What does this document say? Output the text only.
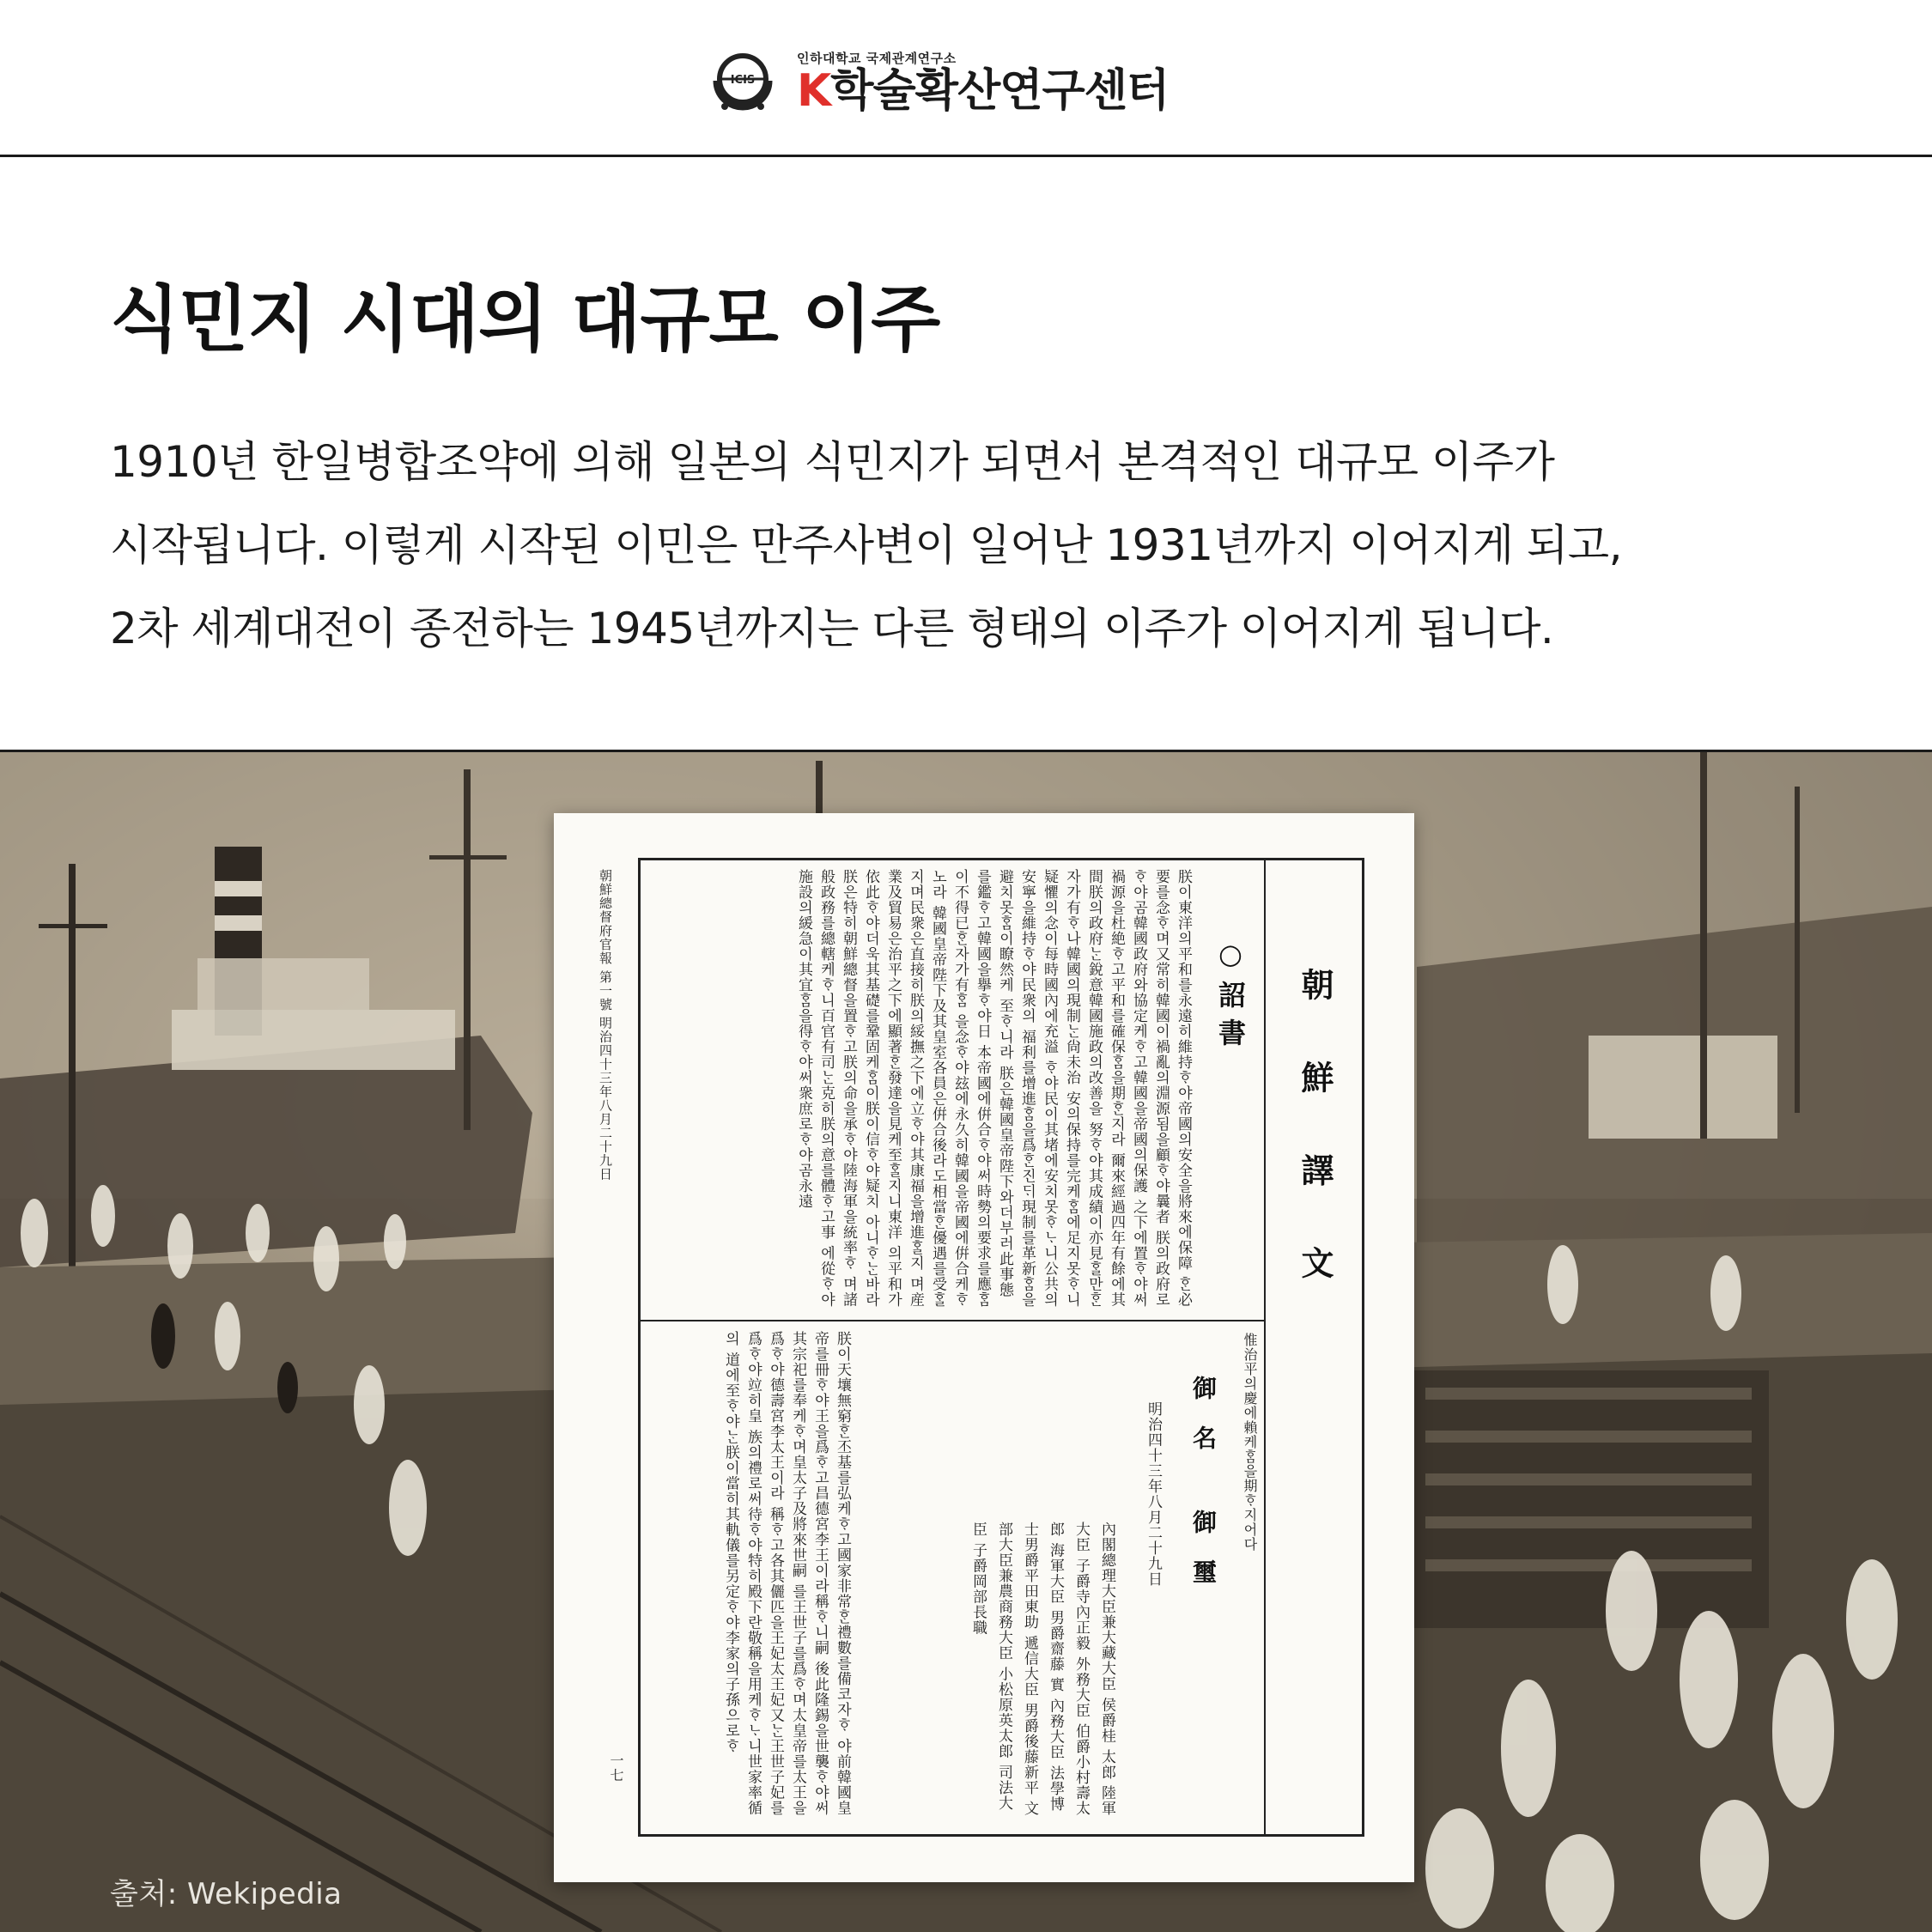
ICIS
인하대학교 국제관계연구소
K학술확산연구센터
식민지 시대의 대규모 이주

1910년 한일병합조약에 의해 일본의 식민지가 되면서 본격적인 대규모 이주가
시작됩니다. 이렇게 시작된 이민은 만주사변이 일어난 1931년까지 이어지게 되고,
2차 세계대전이 종전하는 1945년까지는 다른 형태의 이주가 이어지게 됩니다.

출처: Wekipedia
朝鮮譯文
○詔書
朕이東洋의平和를永遠히維持ᄒᆞ야帝國의安全을將來에保障 ᄒᆞᆫ必要를念ᄒᆞ며又常히韓國이禍亂의淵源됨을顧ᄒᆞ야曩者 朕의政府로ᄒᆞ야곰韓國政府와協定케ᄒᆞ고韓國을帝國의保護 之下에置ᄒᆞ야써禍源을杜絶ᄒᆞ고平和를確保ᄒᆞᆷ을期ᄒᆞᆫ지라 爾來經過四年有餘에其間朕의政府ᄂᆞᆫ銳意韓國施政의改善을 努ᄒᆞ야其成績이亦見ᄒᆞᆯ만ᄒᆞᆫ자가有ᄒᆞ나韓國의現制ᄂᆞᆫ尙未治 安의保持를完케ᄒᆞᆷ에足지못ᄒᆞ니疑懼의念이每時國內에充溢 ᄒᆞ야民이其堵에安치못ᄒᆞᄂᆞ니公共의安寧을維持ᄒᆞ야民衆의 福利를增進ᄒᆞᆷ을爲ᄒᆞᆫ진ᄃᆡ現制를革新ᄒᆞᆷ을避치못ᄒᆞᆷ이瞭然케 至ᄒᆞ니라 朕은韓國皇帝陛下와더부러此事態를鑑ᄒᆞ고韓國을擧ᄒᆞ야日 本帝國에倂合ᄒᆞ야써時勢의要求를應ᄒᆞᆷ이不得已ᄒᆞᆫ자가有ᄒᆞᆷ 을念ᄒᆞ야玆에永久히韓國을帝國에倂合케ᄒᆞ노라 韓國皇帝陛下及其皇室各員은倂合後라도相當ᄒᆞᆫ優遇를受ᄒᆞᆯ 지며民衆은直接히朕의綏撫之下에立ᄒᆞ야其康福을增進ᄒᆞᆯ지 며産業及貿易은治平之下에顯著ᄒᆞᆫ發達을見케至ᄒᆞᆯ지니東洋 의平和가依此ᄒᆞ야더욱其基礎를鞏固케ᄒᆞᆷ이朕이信ᄒᆞ야疑치 아니ᄒᆞᄂᆞᆫ바라 朕은特히朝鮮總督을置ᄒᆞ고朕의命을承ᄒᆞ야陸海軍을統率ᄒᆞ 며諸般政務를總轄케ᄒᆞ니百官有司ᄂᆞᆫ克히朕의意를體ᄒᆞ고事 에從ᄒᆞ야施設의緩急이其宜ᄒᆞᆷ을得ᄒᆞ야써衆庶로ᄒᆞ야곰永遠
朝鮮總督府官報 第一號 明治四十三年八月二十九日
惟治平의慶에賴케ᄒᆞᆷ을期ᄒᆞ지어다
御名 御璽
明治四十三年八月二十九日
內閣總理大臣兼大藏大臣 侯爵桂 太郎 陸軍大臣 子爵寺內正毅 外務大臣 伯爵小村壽太郎 海軍大臣 男爵齋藤 實 內務大臣 法學博士男爵平田東助 遞信大臣 男爵後藤新平 文部大臣兼農商務大臣 小松原英太郎 司法大臣 子爵岡部長職
朕이天壤無窮ᄒᆞᆫ丕基를弘케ᄒᆞ고國家非常ᄒᆞᆫ禮數를備코자ᄒᆞ 야前韓國皇帝를冊ᄒᆞ야王을爲ᄒᆞ고昌德宮李王이라稱ᄒᆞ니嗣 後此隆錫을世襲ᄒᆞ야써其宗祀를奉케ᄒᆞ며皇太子及將來世嗣 를王世子를爲ᄒᆞ며太皇帝를太王을爲ᄒᆞ야德壽宮李太王이라 稱ᄒᆞ고各其儷匹을王妃太王妃又ᄂᆞᆫ王世子妃를爲ᄒᆞ야竝히皇 族의禮로써待ᄒᆞ야特히殿下란敬稱을用케ᄒᆞᄂᆞ니世家率循의 道에至ᄒᆞ야ᄂᆞᆫ朕이當히其軌儀를另定ᄒᆞ야李家의子孫으로ᄒᆞ
一七
